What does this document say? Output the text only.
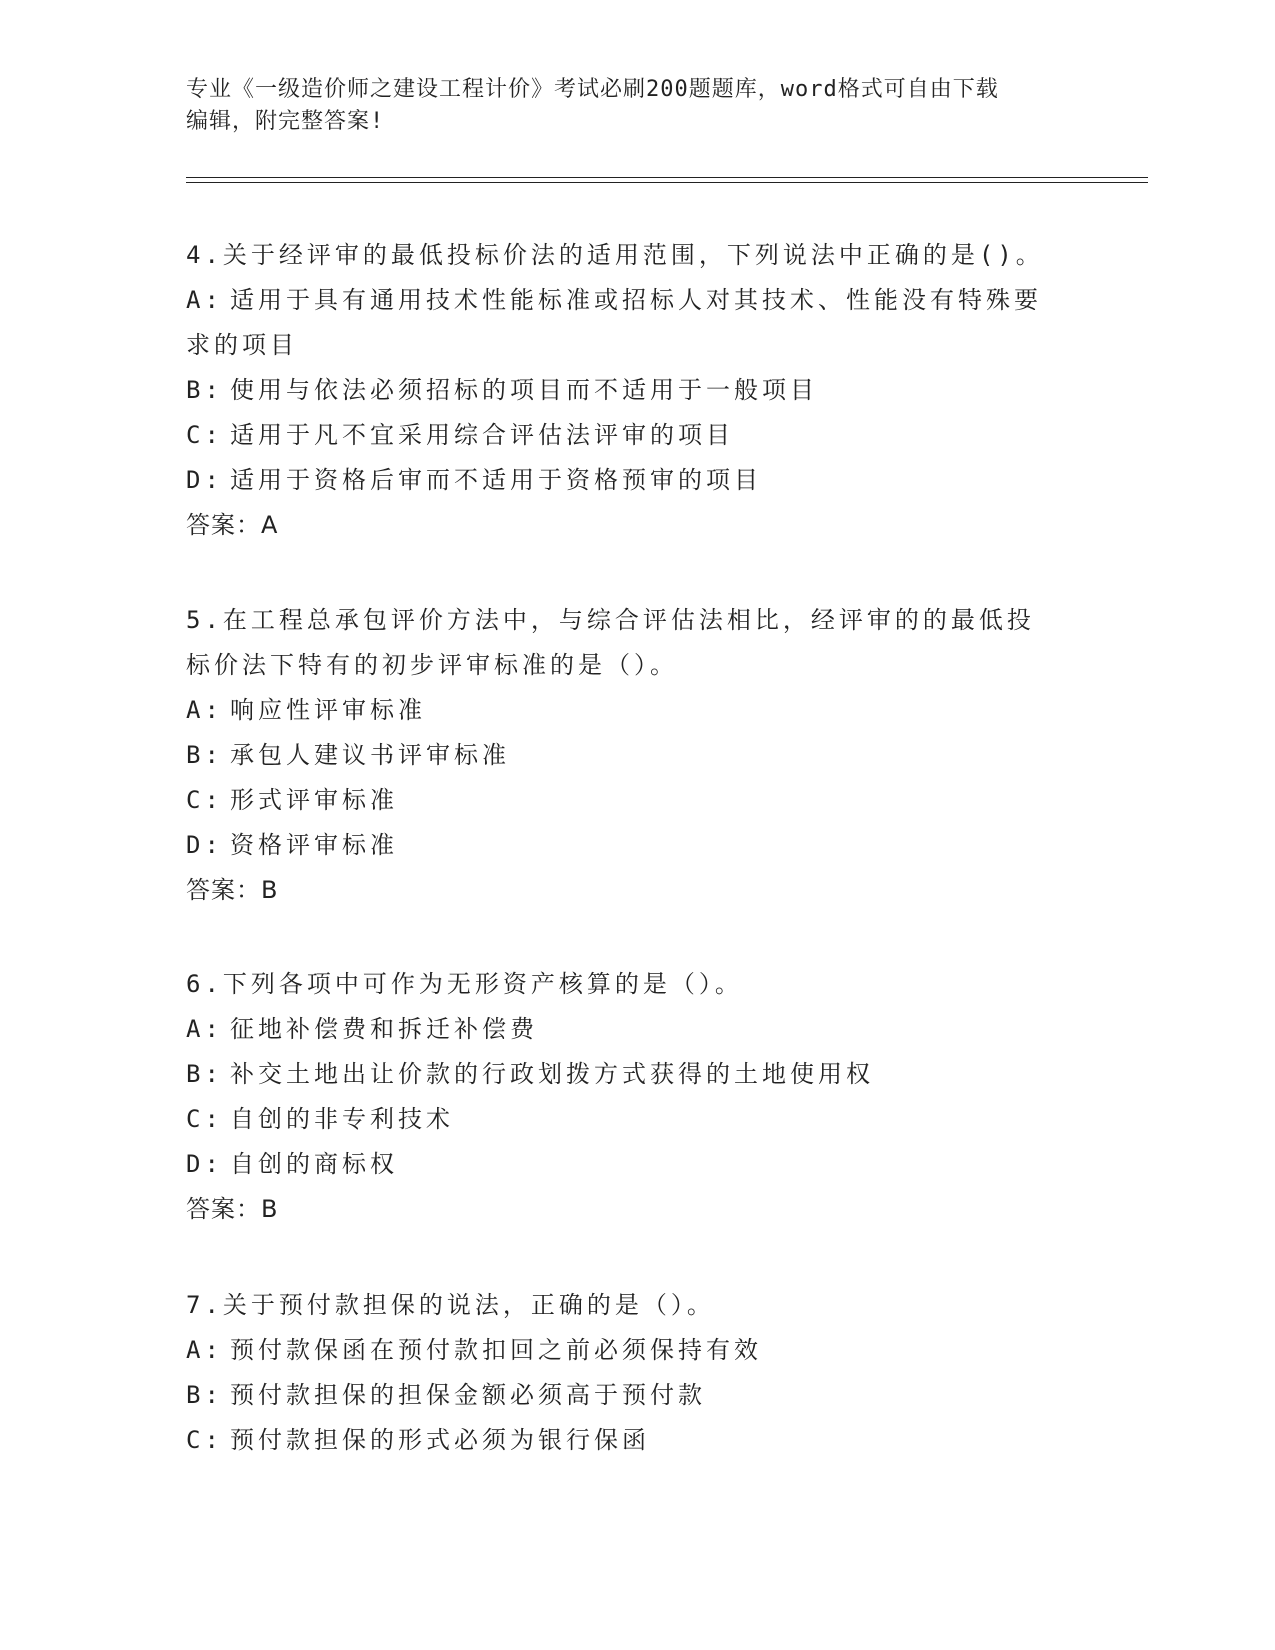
专业《一级造价师之建设工程计价》考试必刷200题题库，word格式可自由下载
编辑，附完整答案!
4.关于经评审的最低投标价法的适用范围，下列说法中正确的是()。
A: 适用于具有通用技术性能标准或招标人对其技术、性能没有特殊要
求的项目
B: 使用与依法必须招标的项目而不适用于一般项目
C: 适用于凡不宜采用综合评估法评审的项目
D: 适用于资格后审而不适用于资格预审的项目
答案：A
5.在工程总承包评价方法中，与综合评估法相比，经评审的的最低投
标价法下特有的初步评审标准的是（）。
A: 响应性评审标准
B: 承包人建议书评审标准
C: 形式评审标准
D: 资格评审标准
答案：B
6.下列各项中可作为无形资产核算的是（）。
A: 征地补偿费和拆迁补偿费
B: 补交土地出让价款的行政划拨方式获得的土地使用权
C: 自创的非专利技术
D: 自创的商标权
答案：B
7.关于预付款担保的说法，正确的是（）。
A: 预付款保函在预付款扣回之前必须保持有效
B: 预付款担保的担保金额必须高于预付款
C: 预付款担保的形式必须为银行保函
